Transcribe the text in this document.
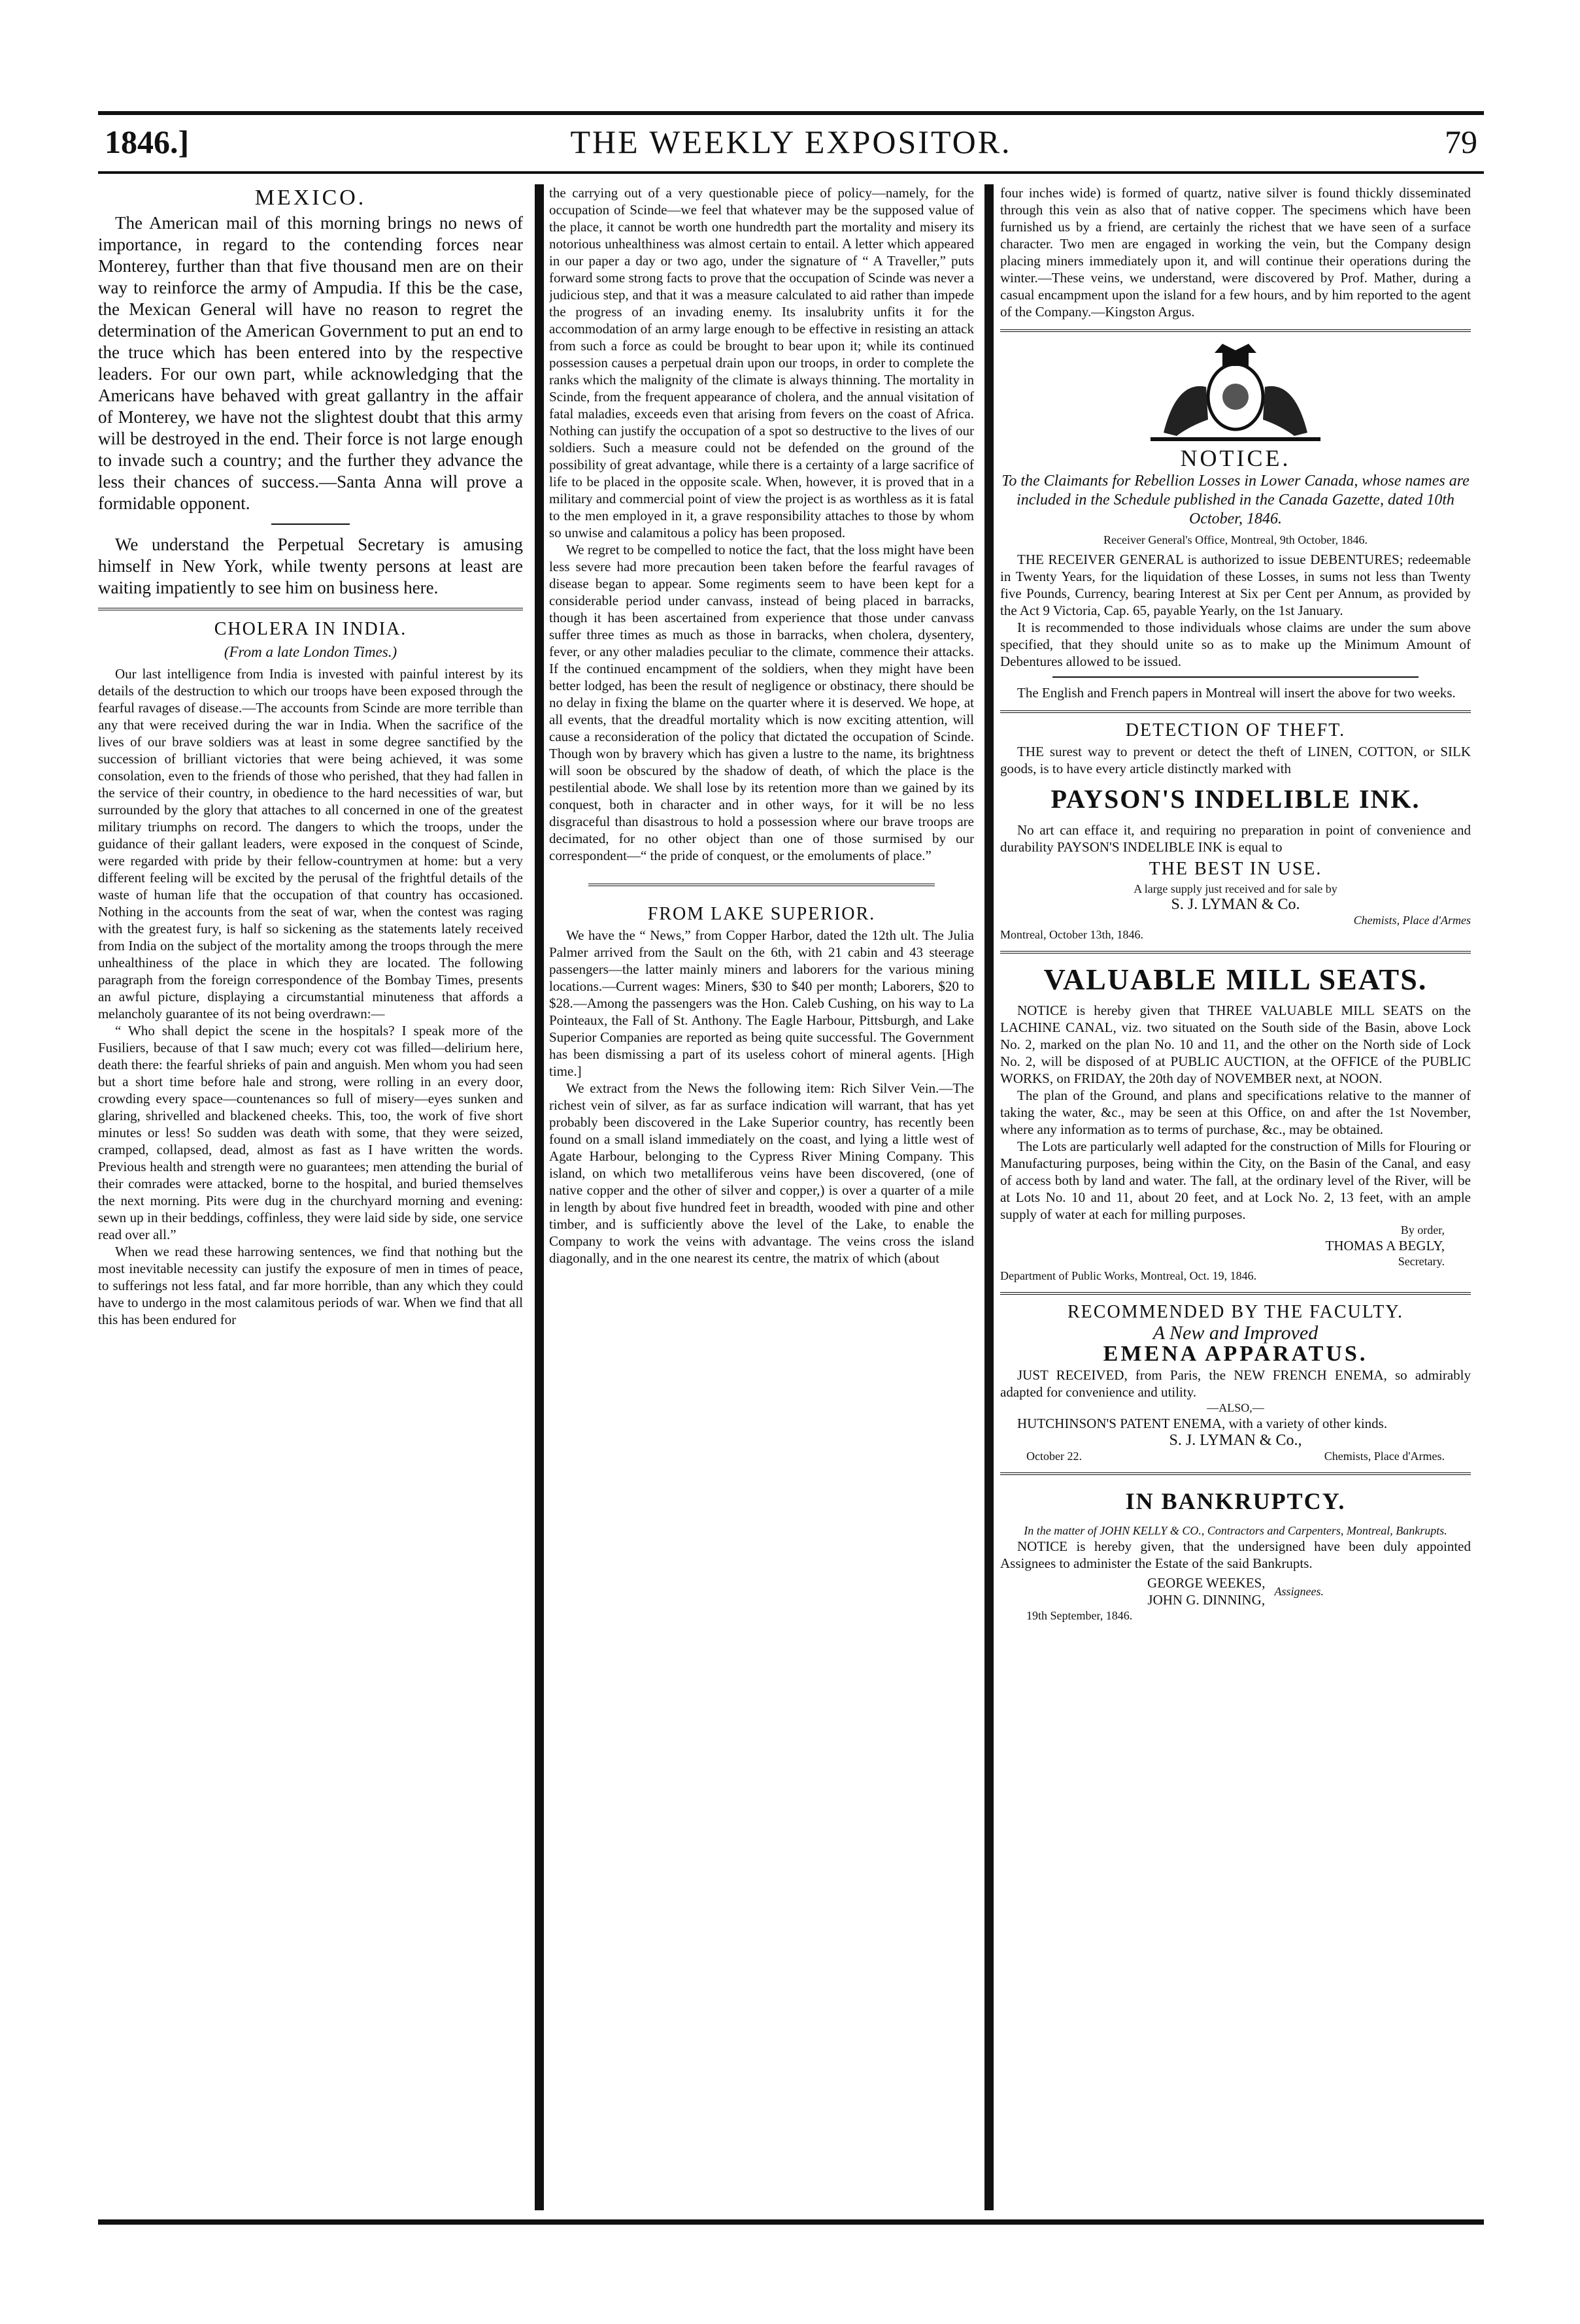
THE WEEKLY EXPOSITOR.
1846.]	79
MEXICO.

The American mail of this morning brings no news of importance, in regard to the contending forces near Monterey, further than that five thousand men are on their way to reinforce the army of Ampudia. If this be the case, the Mexican General will have no reason to regret the determination of the American Government to put an end to the truce which has been entered into by the respective leaders. For our own part, while acknowledging that the Americans have behaved with great gallantry in the affair of Monterey, we have not the slightest doubt that this army will be destroyed in the end. Their force is not large enough to invade such a country; and the further they advance the less their chances of success.—Santa Anna will prove a formidable opponent.

We understand the Perpetual Secretary is amusing himself in New York, while twenty persons at least are waiting impatiently to see him on business here.

CHOLERA IN INDIA.
(From a late London Times.)

Our last intelligence from India is invested with painful interest by its details of the destruction to which our troops have been exposed through the fearful ravages of disease.—The accounts from Scinde are more terrible than any that were received during the war in India. When the sacrifice of the lives of our brave soldiers was at least in some degree sanctified by the succession of brilliant victories that were being achieved, it was some consolation, even to the friends of those who perished, that they had fallen in the service of their country, in obedience to the hard necessities of war, but surrounded by the glory that attaches to all concerned in one of the greatest military triumphs on record. The dangers to which the troops, under the guidance of their gallant leaders, were exposed in the conquest of Scinde, were regarded with pride by their fellow-countrymen at home: but a very different feeling will be excited by the perusal of the frightful details of the waste of human life that the occupation of that country has occasioned. Nothing in the accounts from the seat of war, when the contest was raging with the greatest fury, is half so sickening as the statements lately received from India on the subject of the mortality among the troops through the mere unhealthiness of the place in which they are located. The following paragraph from the foreign correspondence of the Bombay Times, presents an awful picture, displaying a circumstantial minuteness that affords a melancholy guarantee of its not being overdrawn:—

“ Who shall depict the scene in the hospitals? I speak more of the Fusiliers, because of that I saw much; every cot was filled—delirium here, death there: the fearful shrieks of pain and anguish. Men whom you had seen but a short time before hale and strong, were rolling in an every door, crowding every space—countenances so full of misery—eyes sunken and glaring, shrivelled and blackened cheeks. This, too, the work of five short minutes or less! So sudden was death with some, that they were seized, cramped, collapsed, dead, almost as fast as I have written the words. Previous health and strength were no guarantees; men attending the burial of their comrades were attacked, borne to the hospital, and buried themselves the next morning. Pits were dug in the churchyard morning and evening: sewn up in their beddings, coffinless, they were laid side by side, one service read over all.”

When we read these harrowing sentences, we find that nothing but the most inevitable necessity can justify the exposure of men in times of peace, to sufferings not less fatal, and far more horrible, than any which they could have to undergo in the most calamitous periods of war. When we find that all this has been endured for

the carrying out of a very questionable piece of policy—namely, for the occupation of Scinde—we feel that whatever may be the supposed value of the place, it cannot be worth one hundredth part the mortality and misery its notorious unhealthiness was almost certain to entail. A letter which appeared in our paper a day or two ago, under the signature of “ A Traveller,” puts forward some strong facts to prove that the occupation of Scinde was never a judicious step, and that it was a measure calculated to aid rather than impede the progress of an invading enemy. Its insalubrity unfits it for the accommodation of an army large enough to be effective in resisting an attack from such a force as could be brought to bear upon it; while its continued possession causes a perpetual drain upon our troops, in order to complete the ranks which the malignity of the climate is always thinning. The mortality in Scinde, from the frequent appearance of cholera, and the annual visitation of fatal maladies, exceeds even that arising from fevers on the coast of Africa. Nothing can justify the occupation of a spot so destructive to the lives of our soldiers. Such a measure could not be defended on the ground of the possibility of great advantage, while there is a certainty of a large sacrifice of life to be placed in the opposite scale. When, however, it is proved that in a military and commercial point of view the project is as worthless as it is fatal to the men employed in it, a grave responsibility attaches to those by whom so unwise and calamitous a policy has been proposed.

We regret to be compelled to notice the fact, that the loss might have been less severe had more precaution been taken before the fearful ravages of disease began to appear. Some regiments seem to have been kept for a considerable period under canvass, instead of being placed in barracks, though it has been ascertained from experience that those under canvass suffer three times as much as those in barracks, when cholera, dysentery, fever, or any other maladies peculiar to the climate, commence their attacks. If the continued encampment of the soldiers, when they might have been better lodged, has been the result of negligence or obstinacy, there should be no delay in fixing the blame on the quarter where it is deserved. We hope, at all events, that the dreadful mortality which is now exciting attention, will cause a reconsideration of the policy that dictated the occupation of Scinde. Though won by bravery which has given a lustre to the name, its brightness will soon be obscured by the shadow of death, of which the place is the pestilential abode. We shall lose by its retention more than we gained by its conquest, both in character and in other ways, for it will be no less disgraceful than disastrous to hold a possession where our brave troops are decimated, for no other object than one of those surmised by our correspondent—“ the pride of conquest, or the emoluments of place.”

FROM LAKE SUPERIOR.

We have the “ News,” from Copper Harbor, dated the 12th ult. The Julia Palmer arrived from the Sault on the 6th, with 21 cabin and 43 steerage passengers—the latter mainly miners and laborers for the various mining locations.—Current wages: Miners, $30 to $40 per month; Laborers, $20 to $28.—Among the passengers was the Hon. Caleb Cushing, on his way to La Pointeaux, the Fall of St. Anthony. The Eagle Harbour, Pittsburgh, and Lake Superior Companies are reported as being quite successful. The Government has been dismissing a part of its useless cohort of mineral agents. [High time.]

We extract from the News the following item: Rich Silver Vein.—The richest vein of silver, as far as surface indication will warrant, that has yet probably been discovered in the Lake Superior country, has recently been found on a small island immediately on the coast, and lying a little west of Agate Harbour, belonging to the Cypress River Mining Company. This island, on which two metalliferous veins have been discovered, (one of native copper and the other of silver and copper,) is over a quarter of a mile in length by about five hundred feet in breadth, wooded with pine and other timber, and is sufficiently above the level of the Lake, to enable the Company to work the veins with advantage. The veins cross the island diagonally, and in the one nearest its centre, the matrix of which (about

four inches wide) is formed of quartz, native silver is found thickly disseminated through this vein as also that of native copper. The specimens which have been furnished us by a friend, are certainly the richest that we have seen of a surface character. Two men are engaged in working the vein, but the Company design placing miners immediately upon it, and will continue their operations during the winter.—These veins, we understand, were discovered by Prof. Mather, during a casual encampment upon the island for a few hours, and by him reported to the agent of the Company.—Kingston Argus.

NOTICE.
To the Claimants for Rebellion Losses in Lower Canada, whose names are included in the Schedule published in the Canada Gazette, dated 10th October, 1846.
Receiver General's Office, Montreal, 9th October, 1846.

THE RECEIVER GENERAL is authorized to issue DEBENTURES; redeemable in Twenty Years, for the liquidation of these Losses, in sums not less than Twenty five Pounds, Currency, bearing Interest at Six per Cent per Annum, as provided by the Act 9 Victoria, Cap. 65, payable Yearly, on the 1st January.

It is recommended to those individuals whose claims are under the sum above specified, that they should unite so as to make up the Minimum Amount of Debentures allowed to be issued.

The English and French papers in Montreal will insert the above for two weeks.

DETECTION OF THEFT.

THE surest way to prevent or detect the theft of LINEN, COTTON, or SILK goods, is to have every article distinctly marked with

PAYSON'S INDELIBLE INK.

No art can efface it, and requiring no preparation in point of convenience and durability PAYSON'S INDELIBLE INK is equal to

THE BEST IN USE.
A large supply just received and for sale by
S. J. LYMAN & Co.
Chemists, Place d'Armes
Montreal, October 13th, 1846.
VALUABLE MILL SEATS.

NOTICE is hereby given that THREE VALUABLE MILL SEATS on the LACHINE CANAL, viz. two situated on the South side of the Basin, above Lock No. 2, marked on the plan No. 10 and 11, and the other on the North side of Lock No. 2, will be disposed of at PUBLIC AUCTION, at the OFFICE of the PUBLIC WORKS, on FRIDAY, the 20th day of NOVEMBER next, at NOON.

The plan of the Ground, and plans and specifications relative to the manner of taking the water, &c., may be seen at this Office, on and after the 1st November, where any information as to terms of purchase, &c., may be obtained.

The Lots are particularly well adapted for the construction of Mills for Flouring or Manufacturing purposes, being within the City, on the Basin of the Canal, and easy of access both by land and water. The fall, at the ordinary level of the River, will be at Lots No. 10 and 11, about 20 feet, and at Lock No. 2, 13 feet, with an ample supply of water at each for milling purposes.

By order,
THOMAS A BEGLY,
Secretary.
Department of Public Works, Montreal, Oct. 19, 1846.
RECOMMENDED BY THE FACULTY.
A New and Improved
EMENA APPARATUS.

JUST RECEIVED, from Paris, the NEW FRENCH ENEMA, so admirably adapted for convenience and utility.

—ALSO,—

HUTCHINSON'S PATENT ENEMA, with a variety of other kinds.

S. J. LYMAN & Co.,
October 22.	Chemists, Place d'Armes.
IN BANKRUPTCY.
In the matter of JOHN KELLY & CO., Contractors and Carpenters, Montreal, Bankrupts.

NOTICE is hereby given, that the undersigned have been duly appointed Assignees to administer the Estate of the said Bankrupts.

GEORGE WEEKES,
JOHN G. DINNING,
Assignees.
19th September, 1846.
